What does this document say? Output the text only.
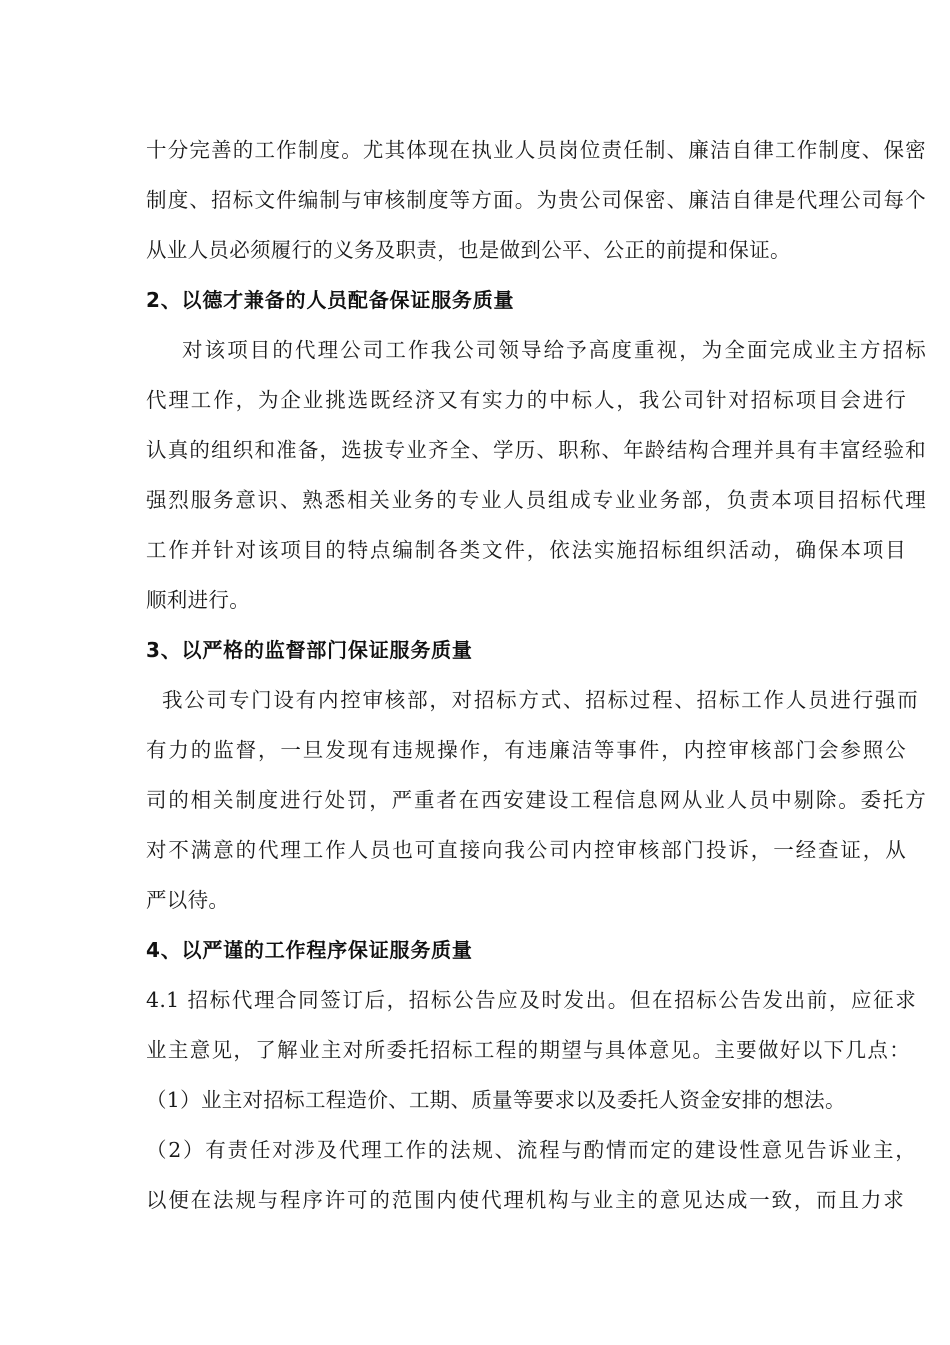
十分完善的工作制度。尤其体现在执业人员岗位责任制、廉洁自律工作制度、保密
制度、招标文件编制与审核制度等方面。为贵公司保密、廉洁自律是代理公司每个
从业人员必须履行的义务及职责，也是做到公平、公正的前提和保证。
2、以德才兼备的人员配备保证服务质量
对该项目的代理公司工作我公司领导给予高度重视，为全面完成业主方招标
代理工作，为企业挑选既经济又有实力的中标人，我公司针对招标项目会进行
认真的组织和准备，选拔专业齐全、学历、职称、年龄结构合理并具有丰富经验和
强烈服务意识、熟悉相关业务的专业人员组成专业业务部，负责本项目招标代理
工作并针对该项目的特点编制各类文件，依法实施招标组织活动，确保本项目
顺利进行。
3、以严格的监督部门保证服务质量
我公司专门设有内控审核部，对招标方式、招标过程、招标工作人员进行强而
有力的监督，一旦发现有违规操作，有违廉洁等事件，内控审核部门会参照公
司的相关制度进行处罚，严重者在西安建设工程信息网从业人员中剔除。委托方
对不满意的代理工作人员也可直接向我公司内控审核部门投诉，一经查证，从
严以待。
4、以严谨的工作程序保证服务质量
4.1 招标代理合同签订后，招标公告应及时发出。但在招标公告发出前，应征求
业主意见，了解业主对所委托招标工程的期望与具体意见。主要做好以下几点：
（1）业主对招标工程造价、工期、质量等要求以及委托人资金安排的想法。
（2）有责任对涉及代理工作的法规、流程与酌情而定的建设性意见告诉业主，
以便在法规与程序许可的范围内使代理机构与业主的意见达成一致，而且力求
